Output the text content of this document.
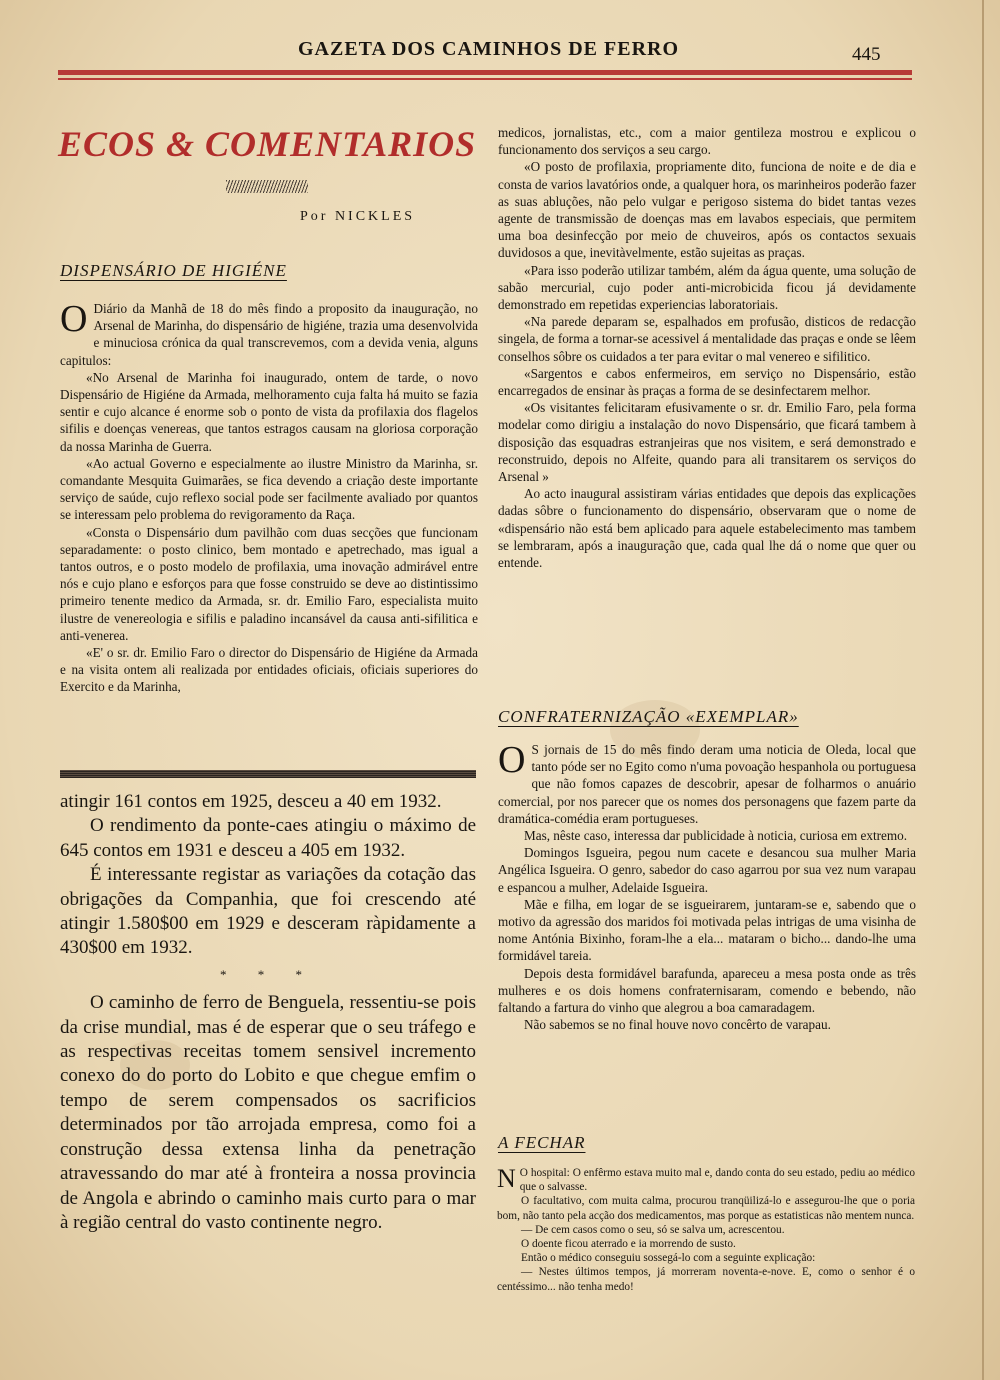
GAZETA DOS CAMINHOS DE FERRO	445
ECOS & COMENTARIOS
Por NICKLES
DISPENSÁRIO DE HIGIÉNE

O Diário da Manhã de 18 do mês findo a proposito da inauguração, no Arsenal de Marinha, do dispensário de higiéne, trazia uma desenvolvida e minuciosa crónica da qual transcrevemos, com a devida venia, alguns capitulos:

«No Arsenal de Marinha foi inaugurado, ontem de tarde, o novo Dispensário de Higiéne da Armada, melhoramento cuja falta há muito se fazia sentir e cujo alcance é enorme sob o ponto de vista da profilaxia dos flagelos sifilis e doenças venereas, que tantos estragos causam na gloriosa corporação da nossa Marinha de Guerra.

«Ao actual Governo e especialmente ao ilustre Ministro da Marinha, sr. comandante Mesquita Guimarães, se fica devendo a criação deste importante serviço de saúde, cujo reflexo social pode ser facilmente avaliado por quantos se interessam pelo problema do revigoramento da Raça.

«Consta o Dispensário dum pavilhão com duas secções que funcionam separadamente: o posto clinico, bem montado e apetrechado, mas igual a tantos outros, e o posto modelo de profilaxia, uma inovação admirável entre nós e cujo plano e esforços para que fosse construido se deve ao distintissimo primeiro tenente medico da Armada, sr. dr. Emilio Faro, especialista muito ilustre de venereologia e sifilis e paladino incansável da causa anti-sifilitica e anti-venerea.

«E' o sr. dr. Emilio Faro o director do Dispensário de Higiéne da Armada e na visita ontem ali realizada por entidades oficiais, oficiais superiores do Exercito e da Marinha,

atingir 161 contos em 1925, desceu a 40 em 1932.

O rendimento da ponte-caes atingiu o máximo de 645 contos em 1931 e desceu a 405 em 1932.

É interessante registar as variações da cotação das obrigações da Companhia, que foi crescendo até atingir 1.580$00 em 1929 e desceram ràpidamente a 430$00 em 1932.

* * *

O caminho de ferro de Benguela, ressentiu-se pois da crise mundial, mas é de esperar que o seu tráfego e as respectivas receitas tomem sensivel incremento conexo do do porto do Lobito e que chegue emfim o tempo de serem compensados os sacrificios determinados por tão arrojada empresa, como foi a construção dessa extensa linha da penetração atravessando do mar até à fronteira a nossa provincia de Angola e abrindo o caminho mais curto para o mar à região central do vasto continente negro.

medicos, jornalistas, etc., com a maior gentileza mostrou e explicou o funcionamento dos serviços a seu cargo.

«O posto de profilaxia, propriamente dito, funciona de noite e de dia e consta de varios lavatórios onde, a qualquer hora, os marinheiros poderão fazer as suas abluções, não pelo vulgar e perigoso sistema do bidet tantas vezes agente de transmissão de doenças mas em lavabos especiais, que permitem uma boa desinfecção por meio de chuveiros, após os contactos sexuais duvidosos a que, inevitàvelmente, estão sujeitas as praças.

«Para isso poderão utilizar também, além da água quente, uma solução de sabão mercurial, cujo poder anti-microbicida ficou já devidamente demonstrado em repetidas experiencias laboratoriais.

«Na parede deparam se, espalhados em profusão, disticos de redacção singela, de forma a tornar-se acessivel á mentalidade das praças e onde se lêem conselhos sôbre os cuidados a ter para evitar o mal venereo e sifilitico.

«Sargentos e cabos enfermeiros, em serviço no Dispensário, estão encarregados de ensinar às praças a forma de se desinfectarem melhor.

«Os visitantes felicitaram efusivamente o sr. dr. Emilio Faro, pela forma modelar como dirigiu a instalação do novo Dispensário, que ficará tambem à disposição das esquadras estranjeiras que nos visitem, e será demonstrado e reconstruido, depois no Alfeite, quando para ali transitarem os serviços do Arsenal »

Ao acto inaugural assistiram várias entidades que depois das explicações dadas sôbre o funcionamento do dispensário, observaram que o nome de «dispensário não está bem aplicado para aquele estabelecimento mas tambem se lembraram, após a inauguração que, cada qual lhe dá o nome que quer ou entende.

CONFRATERNIZAÇÃO «EXEMPLAR»

O S jornais de 15 do mês findo deram uma noticia de Oleda, local que tanto póde ser no Egito como n'uma povoação hespanhola ou portuguesa que não fomos capazes de descobrir, apesar de folharmos o anuário comercial, por nos parecer que os nomes dos personagens que fazem parte da dramática-comédia eram portugueses.

Mas, nêste caso, interessa dar publicidade à noticia, curiosa em extremo.

Domingos Isgueira, pegou num cacete e desancou sua mulher Maria Angélica Isgueira. O genro, sabedor do caso agarrou por sua vez num varapau e espancou a mulher, Adelaide Isgueira.

Mãe e filha, em logar de se isgueirarem, juntaram-se e, sabendo que o motivo da agressão dos maridos foi motivada pelas intrigas de uma visinha de nome Antónia Bixinho, foram-lhe a ela... mataram o bicho... dando-lhe uma formidável tareia.

Depois desta formidável barafunda, apareceu a mesa posta onde as três mulheres e os dois homens confraternisaram, comendo e bebendo, não faltando a fartura do vinho que alegrou a boa camaradagem.

Não sabemos se no final houve novo concêrto de varapau.

A FECHAR

N O hospital: O enfêrmo estava muito mal e, dando conta do seu estado, pediu ao médico que o salvasse.

O facultativo, com muita calma, procurou tranqüilizá-lo e assegurou-lhe que o poria bom, não tanto pela acção dos medicamentos, mas porque as estatisticas não mentem nunca.

— De cem casos como o seu, só se salva um, acrescentou.

O doente ficou aterrado e ia morrendo de susto.

Então o médico conseguiu sossegá-lo com a seguinte explicação:

— Nestes últimos tempos, já morreram noventa-e-nove. E, como o senhor é o centéssimo... não tenha medo!
